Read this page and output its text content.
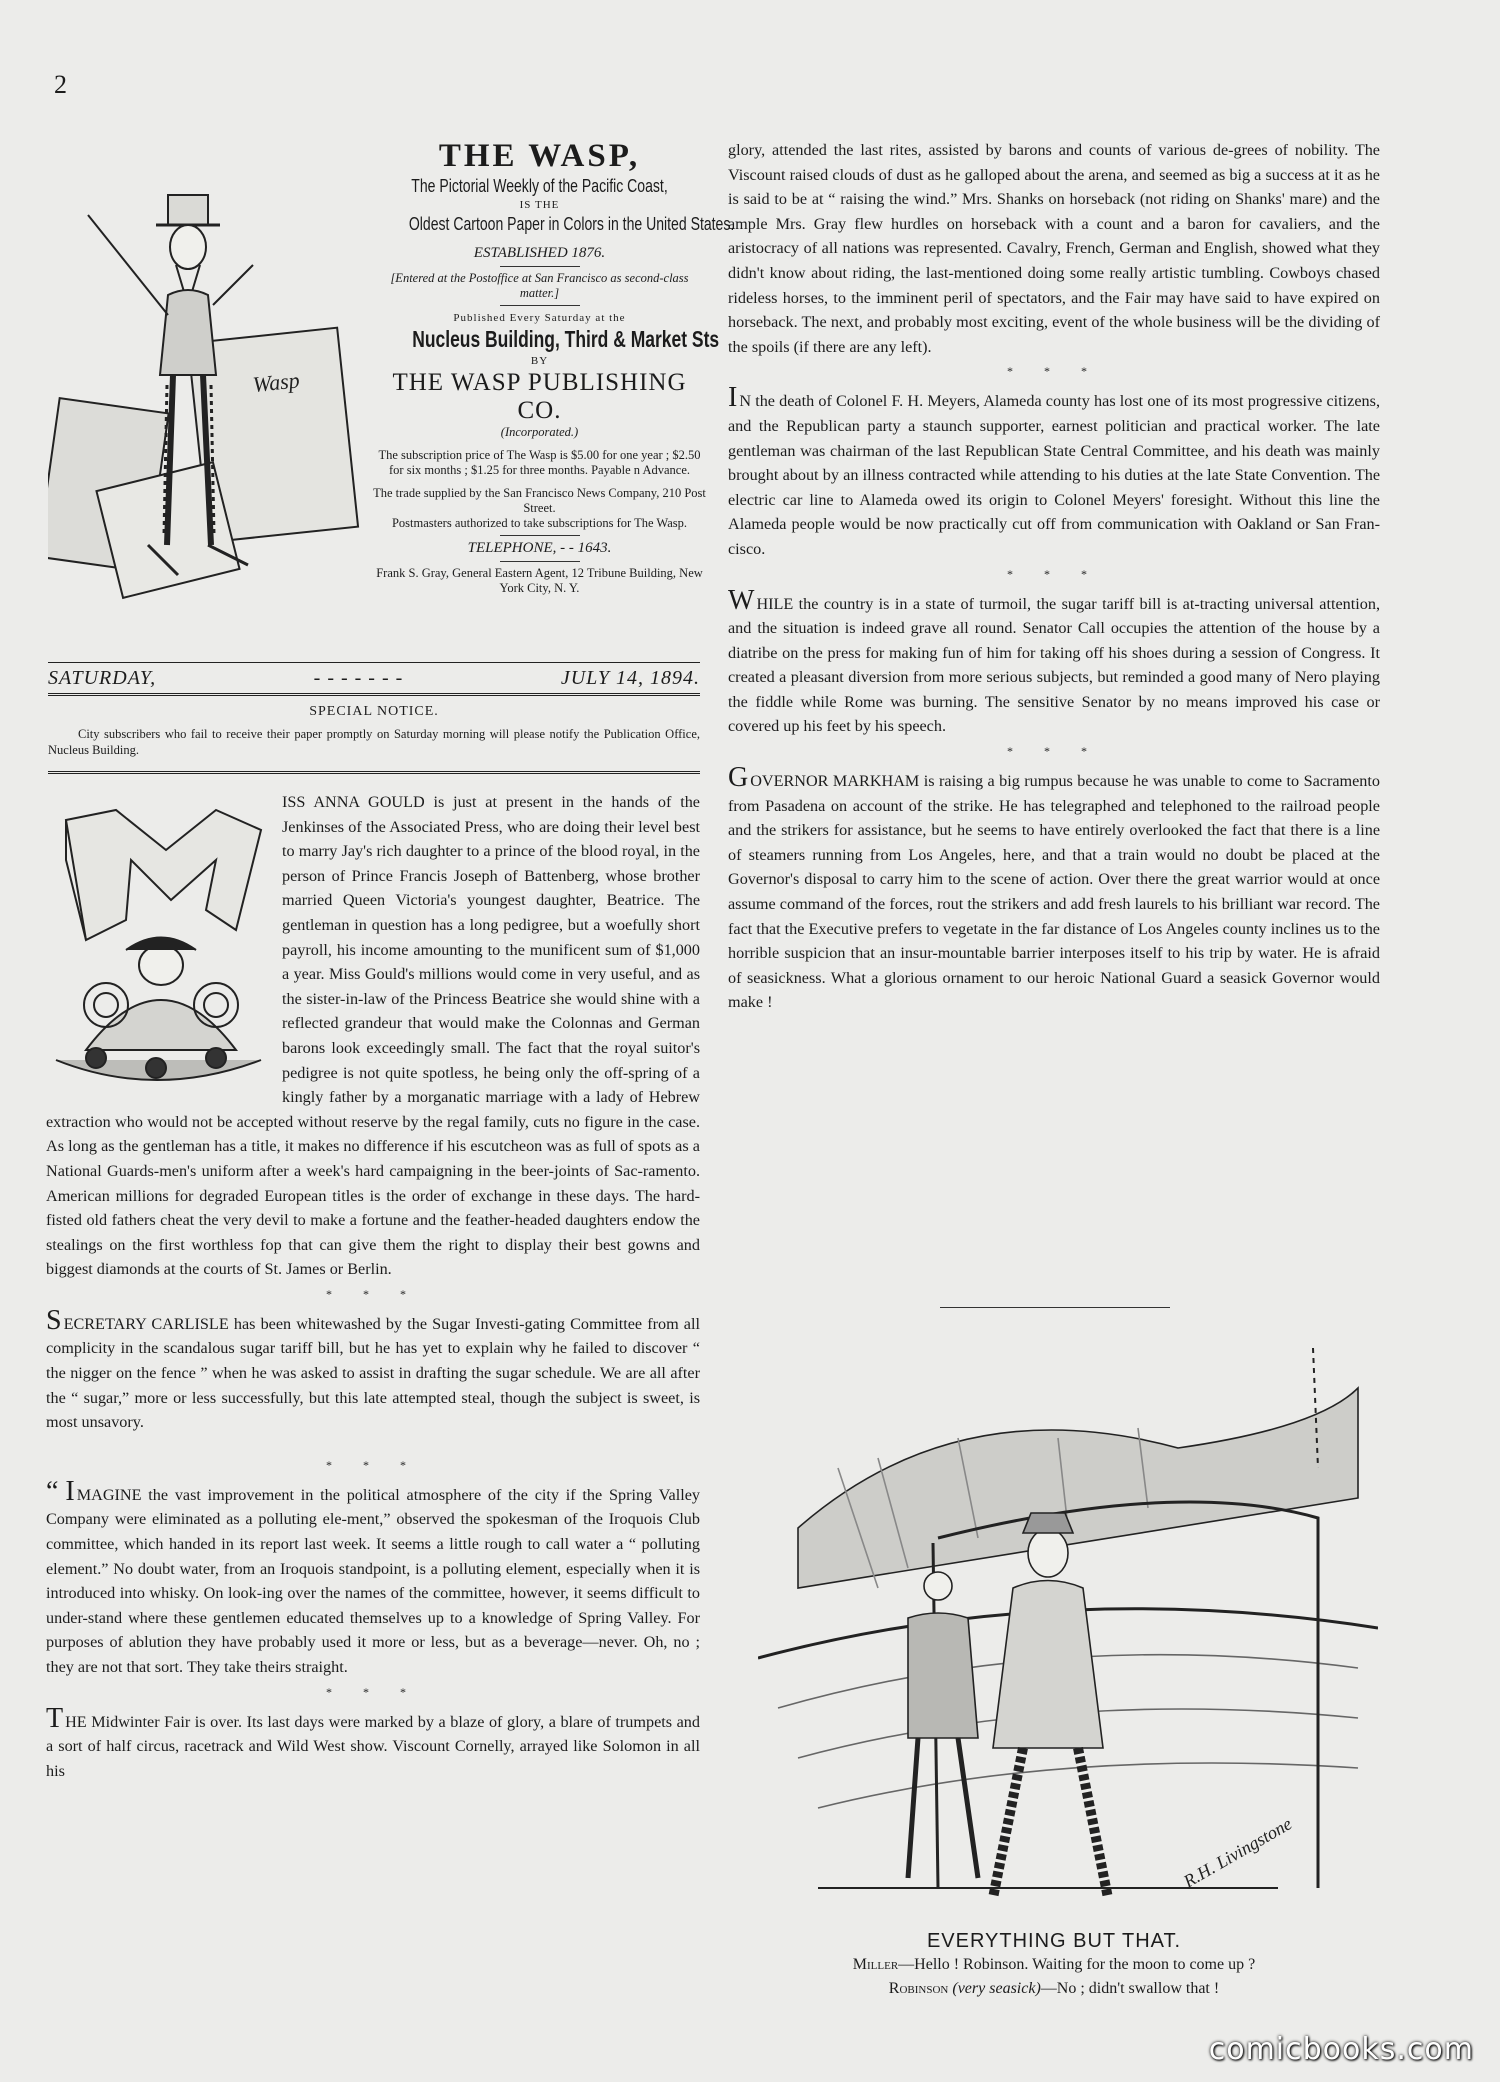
2
Wasp
THE WASP,
The Pictorial Weekly of the Pacific Coast,
IS THE
Oldest Cartoon Paper in Colors in the United States.
ESTABLISHED 1876.
[Entered at the Postoffice at San Francisco as second-class matter.]
Published Every Saturday at the
Nucleus Building, Third & Market Sts
BY
THE WASP PUBLISHING CO.
(Incorporated.)
The subscription price of The Wasp is $5.00 for one year ; $2.50 for six months ; $1.25 for three months. Payable n Advance.
The trade supplied by the San Francisco News Company, 210 Post Street.
Postmasters authorized to take subscriptions for The Wasp.
TELEPHONE, - - 1643.
Frank S. Gray, General Eastern Agent, 12 Tribune Building, New York City, N. Y.
SATURDAY,	- - - - - - -	JULY 14, 1894.
SPECIAL NOTICE.
City subscribers who fail to receive their paper promptly on Saturday morning will please notify the Publication Office, Nucleus Building.

ISS ANNA GOULD is just at present in the hands of the Jenkinses of the Associated Press, who are doing their level best to marry Jay's rich daughter to a prince of the blood royal, in the person of Prince Francis Joseph of Battenberg, whose brother married Queen Victoria's youngest daughter, Beatrice. The gentleman in question has a long pedigree, but a woefully short payroll, his income amounting to the munificent sum of $1,000 a year. Miss Gould's millions would come in very useful, and as the sister-in-law of the Princess Beatrice she would shine with a reflected grandeur that would make the Colonnas and German barons look exceedingly small. The fact that the royal suitor's pedigree is not quite spotless, he being only the off-spring of a kingly father by a morganatic marriage with a lady of Hebrew extraction who would not be accepted without reserve by the regal family, cuts no figure in the case. As long as the gentleman has a title, it makes no difference if his escutcheon was as full of spots as a National Guards-men's uniform after a week's hard campaigning in the beer-joints of Sac-ramento. American millions for degraded European titles is the order of exchange in these days. The hard-fisted old fathers cheat the very devil to make a fortune and the feather-headed daughters endow the stealings on the first worthless fop that can give them the right to display their best gowns and biggest diamonds at the courts of St. James or Berlin.

* * *

SECRETARY CARLISLE has been whitewashed by the Sugar Investi-gating Committee from all complicity in the scandalous sugar tariff bill, but he has yet to explain why he failed to discover “ the nigger on the fence ” when he was asked to assist in drafting the sugar schedule. We are all after the “ sugar,” more or less successfully, but this late attempted steal, though the subject is sweet, is most unsavory.

* * *

“ I MAGINE the vast improvement in the political atmosphere of the city if the Spring Valley Company were eliminated as a polluting ele-ment,” observed the spokesman of the Iroquois Club committee, which handed in its report last week. It seems a little rough to call water a “ polluting element.” No doubt water, from an Iroquois standpoint, is a polluting element, especially when it is introduced into whisky. On look-ing over the names of the committee, however, it seems difficult to under-stand where these gentlemen educated themselves up to a knowledge of Spring Valley. For purposes of ablution they have probably used it more or less, but as a beverage—never. Oh, no ; they are not that sort. They take theirs straight.

* * *

THE Midwinter Fair is over. Its last days were marked by a blaze of glory, a blare of trumpets and a sort of half circus, racetrack and Wild West show. Viscount Cornelly, arrayed like Solomon in all his

glory, attended the last rites, assisted by barons and counts of various de-grees of nobility. The Viscount raised clouds of dust as he galloped about the arena, and seemed as big a success at it as he is said to be at “ raising the wind.” Mrs. Shanks on horseback (not riding on Shanks' mare) and the ample Mrs. Gray flew hurdles on horseback with a count and a baron for cavaliers, and the aristocracy of all nations was represented. Cavalry, French, German and English, showed what they didn't know about riding, the last-mentioned doing some really artistic tumbling. Cowboys chased rideless horses, to the imminent peril of spectators, and the Fair may have said to have expired on horseback. The next, and probably most exciting, event of the whole business will be the dividing of the spoils (if there are any left).

* * *

I N the death of Colonel F. H. Meyers, Alameda county has lost one of its most progressive citizens, and the Republican party a staunch supporter, earnest politician and practical worker. The late gentleman was chairman of the last Republican State Central Committee, and his death was mainly brought about by an illness contracted while attending to his duties at the late State Convention. The electric car line to Alameda owed its origin to Colonel Meyers' foresight. Without this line the Alameda people would be now practically cut off from communication with Oakland or San Fran-cisco.

* * *

WHILE the country is in a state of turmoil, the sugar tariff bill is at-tracting universal attention, and the situation is indeed grave all round. Senator Call occupies the attention of the house by a diatribe on the press for making fun of him for taking off his shoes during a session of Congress. It created a pleasant diversion from more serious subjects, but reminded a good many of Nero playing the fiddle while Rome was burning. The sensitive Senator by no means improved his case or covered up his feet by his speech.

* * *

GOVERNOR MARKHAM is raising a big rumpus because he was unable to come to Sacramento from Pasadena on account of the strike. He has telegraphed and telephoned to the railroad people and the strikers for assistance, but he seems to have entirely overlooked the fact that there is a line of steamers running from Los Angeles, here, and that a train would no doubt be placed at the Governor's disposal to carry him to the scene of action. Over there the great warrior would at once assume command of the forces, rout the strikers and add fresh laurels to his brilliant war record. The fact that the Executive prefers to vegetate in the far distance of Los Angeles county inclines us to the horrible suspicion that an insur-mountable barrier interposes itself to his trip by water. He is afraid of seasickness. What a glorious ornament to our heroic National Guard a seasick Governor would make !

R.H. Livingstone
EVERYTHING BUT THAT.
Miller—Hello ! Robinson. Waiting for the moon to come up ?
Robinson (very seasick)—No ; didn't swallow that !
comicbooks.com
